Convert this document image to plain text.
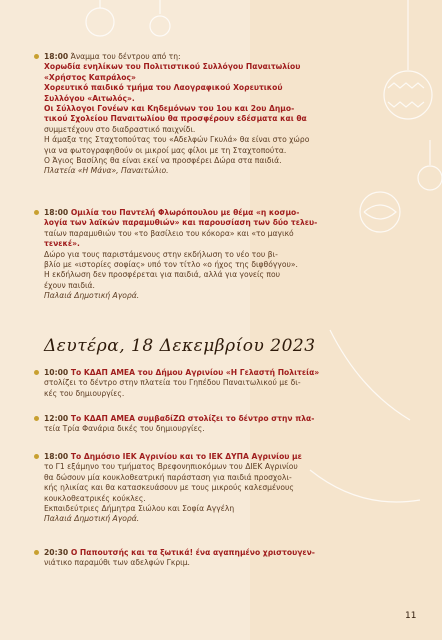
18:00 Άναμμα του δέντρου από τη:
Χορωδία ενηλίκων του Πολιτιστικού Συλλόγου Παναιτωλίου
«Χρήστος Καπράλος»
Χορευτικό παιδικό τμήμα του Λαογραφικού Χορευτικού
Συλλόγου «Αιτωλός».
Οι Σύλλογοι Γονέων και Κηδεμόνων του 1ου και 2ου Δημο-
τικού Σχολείου Παναιτωλίου θα προσφέρουν εδέσματα και θα
συμμετέχουν στο διαδραστικό παιχνίδι.
Η άμαξα της Σταχτοπούτας του «Αδελφών Γκυλά» θα είναι στο χώρο
για να φωτογραφηθούν οι μικροί μας φίλοι με τη Σταχτοπούτα.
Ο Άγιος Βασίλης θα είναι εκεί να προσφέρει Δώρα στα παιδιά.
Πλατεία «Η Μάνα», Παναιτώλιο.
18:00 Ομιλία του Παντελή Φλωρόπουλου με θέμα «η κοσμο-
λογία των λαϊκών παραμυθιών» και παρουσίαση των δύο τελευ-
ταίων παραμυθιών του «το βασίλειο του κόκορα» και «το μαγικό
τενεκέ».
Δώρο για τους παριστάμενους στην εκδήλωση το νέο του βι-
βλίο με «ιστορίες σοφίας» υπό τον τίτλο «ο ήχος της διφθόγγου».
Η εκδήλωση δεν προσφέρεται για παιδιά, αλλά για γονείς που
έχουν παιδιά.
Παλαιά Δημοτική Αγορά.
Δευτέρα, 18 Δεκεμβρίου 2023
10:00 Το ΚΔΑΠ ΑΜΕΑ του Δήμου Αγρινίου «Η Γελαστή Πολιτεία»
στολίζει το δέντρο στην πλατεία του Γηπέδου Παναιτωλικού με δι-
κές του δημιουργίες.
12:00 Το ΚΔΑΠ ΑΜΕΑ συμβαδίΖΩ στολίζει το δέντρο στην πλα-
τεία Τρία Φανάρια δικές του δημιουργίες.
18:00 Το Δημόσιο ΙΕΚ Αγρινίου και το ΙΕΚ ΔΥΠΑ Αγρινίου με
το Γ1 εξάμηνο του τμήματος Βρεφονηπιοκόμων του ΔΙΕΚ Αγρινίου
θα δώσουν μία κουκλοθεατρική παράσταση για παιδιά προσχολι-
κής ηλικίας και θα κατασκευάσουν με τους μικρούς καλεσμένους
κουκλοθεατρικές κούκλες.
Εκπαιδεύτριες Δήμητρα Σιώλου και Σοφία Αγγέλη
Παλαιά Δημοτική Αγορά.
20:30 Ο Παπουτσής και τα ξωτικά! ένα αγαπημένο χριστουγεν-
νιάτικο παραμύθι των αδελφών Γκριμ.
11
